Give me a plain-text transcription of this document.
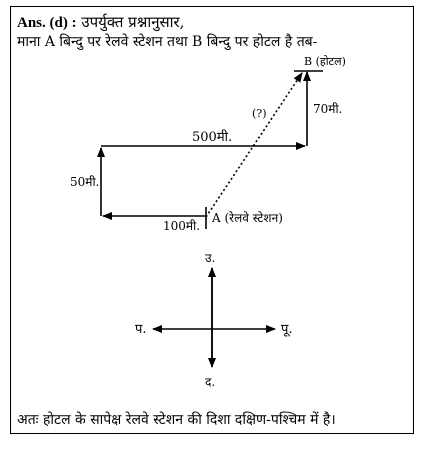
Ans. (d) : उपर्युक्त प्रश्नानुसार,
माना A बिन्दु पर रेलवे स्टेशन तथा B बिन्दु पर होटल है तब-
B (होटल)
70मी.
(?)
500मी.
50मी.
A (रेलवे स्टेशन)
100मी.
उ.
द.
पू.
प.
अतः होटल के सापेक्ष रेलवे स्टेशन की दिशा दक्षिण-पश्चिम में है।
